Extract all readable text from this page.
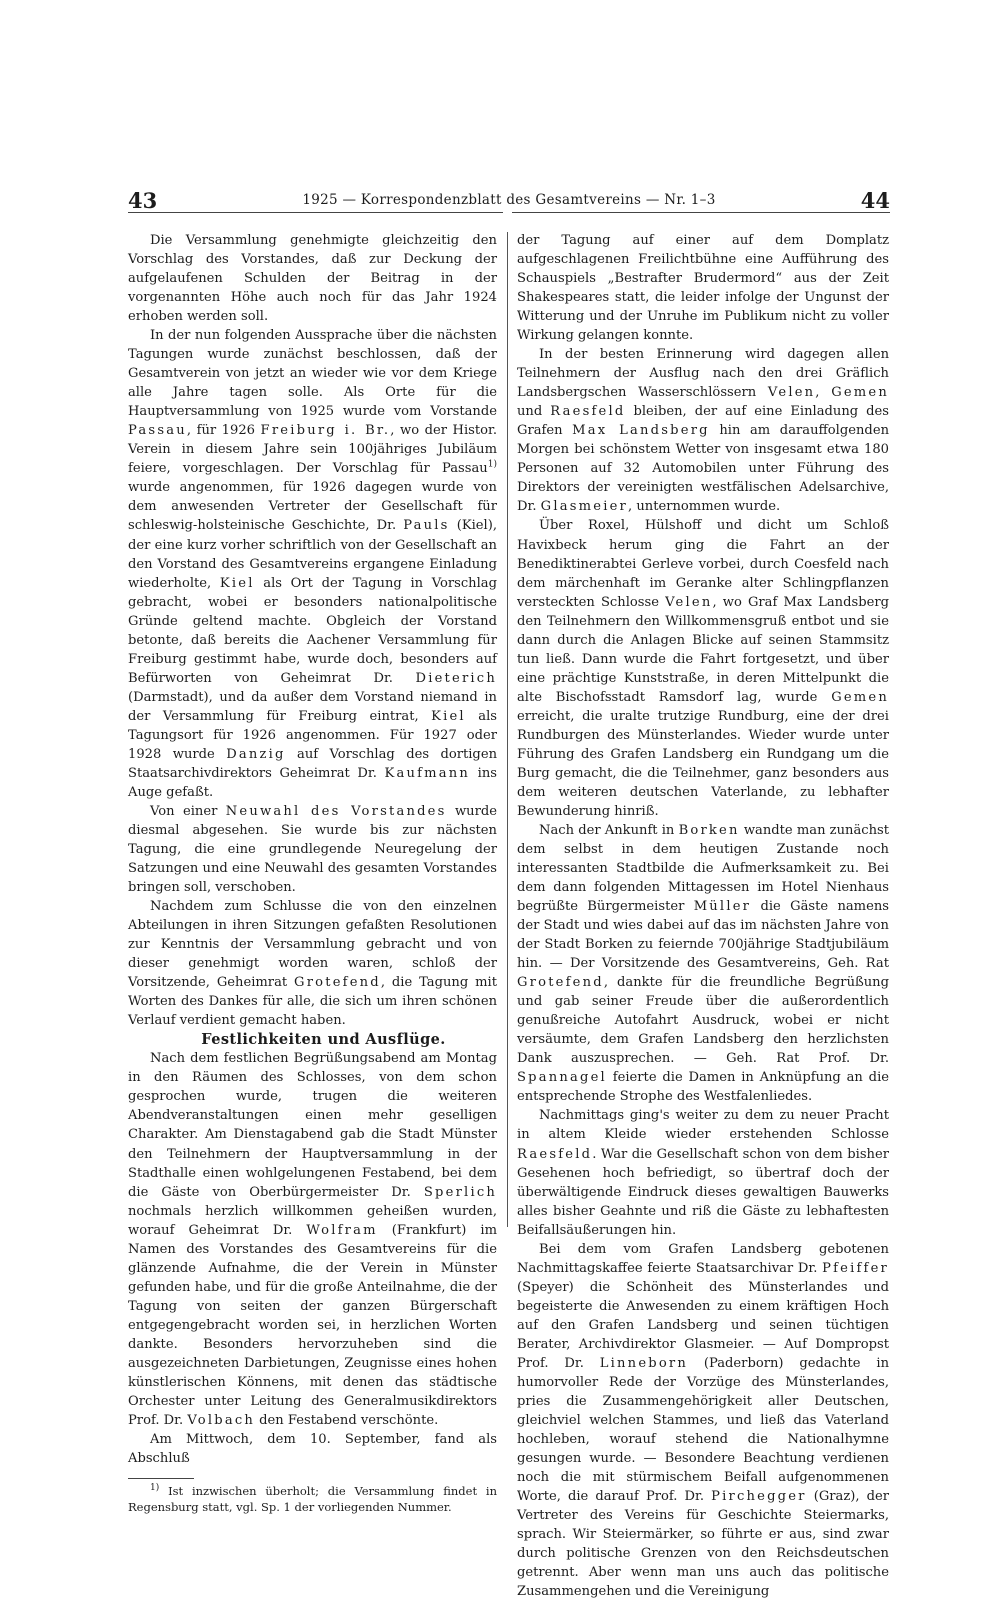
43	1925 — Korrespondenzblatt des Gesamtvereins — Nr. 1–3	44

Die Versammlung genehmigte gleichzeitig den Vorschlag des Vorstandes, daß zur Deckung der aufgelaufenen Schulden der Beitrag in der vorgenannten Höhe auch noch für das Jahr 1924 erhoben werden soll.

In der nun folgenden Aussprache über die nächsten Tagungen wurde zunächst beschlossen, daß der Gesamtverein von jetzt an wieder wie vor dem Kriege alle Jahre tagen solle. Als Orte für die Hauptversammlung von 1925 wurde vom Vorstande Passau, für 1926 Freiburg i. Br., wo der Histor. Verein in diesem Jahre sein 100jähriges Jubiläum feiere, vorgeschlagen. Der Vorschlag für Passau$^{1)}$ wurde angenommen, für 1926 dagegen wurde von dem anwesenden Vertreter der Gesellschaft für schleswig-holsteinische Geschichte, Dr. Pauls (Kiel), der eine kurz vorher schriftlich von der Gesellschaft an den Vorstand des Gesamtvereins ergangene Einladung wiederholte, Kiel als Ort der Tagung in Vorschlag gebracht, wobei er besonders nationalpolitische Gründe geltend machte. Obgleich der Vorstand betonte, daß bereits die Aachener Versammlung für Freiburg gestimmt habe, wurde doch, besonders auf Befürworten von Geheimrat Dr. Dieterich (Darmstadt), und da außer dem Vorstand niemand in der Versammlung für Freiburg eintrat, Kiel als Tagungsort für 1926 angenommen. Für 1927 oder 1928 wurde Danzig auf Vorschlag des dortigen Staatsarchivdirektors Geheimrat Dr. Kaufmann ins Auge gefaßt.

Von einer Neuwahl des Vorstandes wurde diesmal abgesehen. Sie wurde bis zur nächsten Tagung, die eine grundlegende Neuregelung der Satzungen und eine Neuwahl des gesamten Vorstandes bringen soll, verschoben.

Nachdem zum Schlusse die von den einzelnen Abteilungen in ihren Sitzungen gefaßten Resolutionen zur Kenntnis der Versammlung gebracht und von dieser genehmigt worden waren, schloß der Vorsitzende, Geheimrat Grotefend, die Tagung mit Worten des Dankes für alle, die sich um ihren schönen Verlauf verdient gemacht haben.

Festlichkeiten und Ausflüge.

Nach dem festlichen Begrüßungsabend am Montag in den Räumen des Schlosses, von dem schon gesprochen wurde, trugen die weiteren Abendveranstaltungen einen mehr geselligen Charakter. Am Dienstagabend gab die Stadt Münster den Teilnehmern der Hauptversammlung in der Stadthalle einen wohlgelungenen Festabend, bei dem die Gäste von Oberbürgermeister Dr. Sperlich nochmals herzlich willkommen geheißen wurden, worauf Geheimrat Dr. Wolfram (Frankfurt) im Namen des Vorstandes des Gesamtvereins für die glänzende Aufnahme, die der Verein in Münster gefunden habe, und für die große Anteilnahme, die der Tagung von seiten der ganzen Bürgerschaft entgegengebracht worden sei, in herzlichen Worten dankte. Besonders hervorzuheben sind die ausgezeichneten Darbietungen, Zeugnisse eines hohen künstlerischen Könnens, mit denen das städtische Orchester unter Leitung des Generalmusikdirektors Prof. Dr. Volbach den Festabend verschönte.

Am Mittwoch, dem 10. September, fand als Abschluß

$^{1)}$ Ist inzwischen überholt; die Versammlung findet in Regensburg statt, vgl. Sp. 1 der vorliegenden Nummer.

der Tagung auf einer auf dem Domplatz aufgeschlagenen Freilichtbühne eine Aufführung des Schauspiels „Bestrafter Brudermord“ aus der Zeit Shakespeares statt, die leider infolge der Ungunst der Witterung und der Unruhe im Publikum nicht zu voller Wirkung gelangen konnte.

In der besten Erinnerung wird dagegen allen Teilnehmern der Ausflug nach den drei Gräflich Landsbergschen Wasserschlössern Velen, Gemen und Raesfeld bleiben, der auf eine Einladung des Grafen Max Landsberg hin am darauffolgenden Morgen bei schönstem Wetter von insgesamt etwa 180 Personen auf 32 Automobilen unter Führung des Direktors der vereinigten westfälischen Adelsarchive, Dr. Glasmeier, unternommen wurde.

Über Roxel, Hülshoff und dicht um Schloß Havixbeck herum ging die Fahrt an der Benediktinerabtei Gerleve vorbei, durch Coesfeld nach dem märchenhaft im Geranke alter Schlingpflanzen versteckten Schlosse Velen, wo Graf Max Landsberg den Teilnehmern den Willkommensgruß entbot und sie dann durch die Anlagen Blicke auf seinen Stammsitz tun ließ. Dann wurde die Fahrt fortgesetzt, und über eine prächtige Kunststraße, in deren Mittelpunkt die alte Bischofsstadt Ramsdorf lag, wurde Gemen erreicht, die uralte trutzige Rundburg, eine der drei Rundburgen des Münsterlandes. Wieder wurde unter Führung des Grafen Landsberg ein Rundgang um die Burg gemacht, die die Teilnehmer, ganz besonders aus dem weiteren deutschen Vaterlande, zu lebhafter Bewunderung hinriß.

Nach der Ankunft in Borken wandte man zunächst dem selbst in dem heutigen Zustande noch interessanten Stadtbilde die Aufmerksamkeit zu. Bei dem dann folgenden Mittagessen im Hotel Nienhaus begrüßte Bürgermeister Müller die Gäste namens der Stadt und wies dabei auf das im nächsten Jahre von der Stadt Borken zu feiernde 700jährige Stadtjubiläum hin. — Der Vorsitzende des Gesamtvereins, Geh. Rat Grotefend, dankte für die freundliche Begrüßung und gab seiner Freude über die außerordentlich genußreiche Autofahrt Ausdruck, wobei er nicht versäumte, dem Grafen Landsberg den herzlichsten Dank auszusprechen. — Geh. Rat Prof. Dr. Spannagel feierte die Damen in Anknüpfung an die entsprechende Strophe des Westfalenliedes.

Nachmittags ging's weiter zu dem zu neuer Pracht in altem Kleide wieder erstehenden Schlosse Raesfeld. War die Gesellschaft schon von dem bisher Gesehenen hoch befriedigt, so übertraf doch der überwältigende Eindruck dieses gewaltigen Bauwerks alles bisher Geahnte und riß die Gäste zu lebhaftesten Beifallsäußerungen hin.

Bei dem vom Grafen Landsberg gebotenen Nachmittagskaffee feierte Staatsarchivar Dr. Pfeiffer (Speyer) die Schönheit des Münsterlandes und begeisterte die Anwesenden zu einem kräftigen Hoch auf den Grafen Landsberg und seinen tüchtigen Berater, Archivdirektor Glasmeier. — Auf Dompropst Prof. Dr. Linneborn (Paderborn) gedachte in humorvoller Rede der Vorzüge des Münsterlandes, pries die Zusammengehörigkeit aller Deutschen, gleichviel welchen Stammes, und ließ das Vaterland hochleben, worauf stehend die Nationalhymne gesungen wurde. — Besondere Beachtung verdienen noch die mit stürmischem Beifall aufgenommenen Worte, die darauf Prof. Dr. Pirchegger (Graz), der Vertreter des Vereins für Geschichte Steiermarks, sprach. Wir Steiermärker, so führte er aus, sind zwar durch politische Grenzen von den Reichsdeutschen getrennt. Aber wenn man uns auch das politische Zusammengehen und die Vereinigung
